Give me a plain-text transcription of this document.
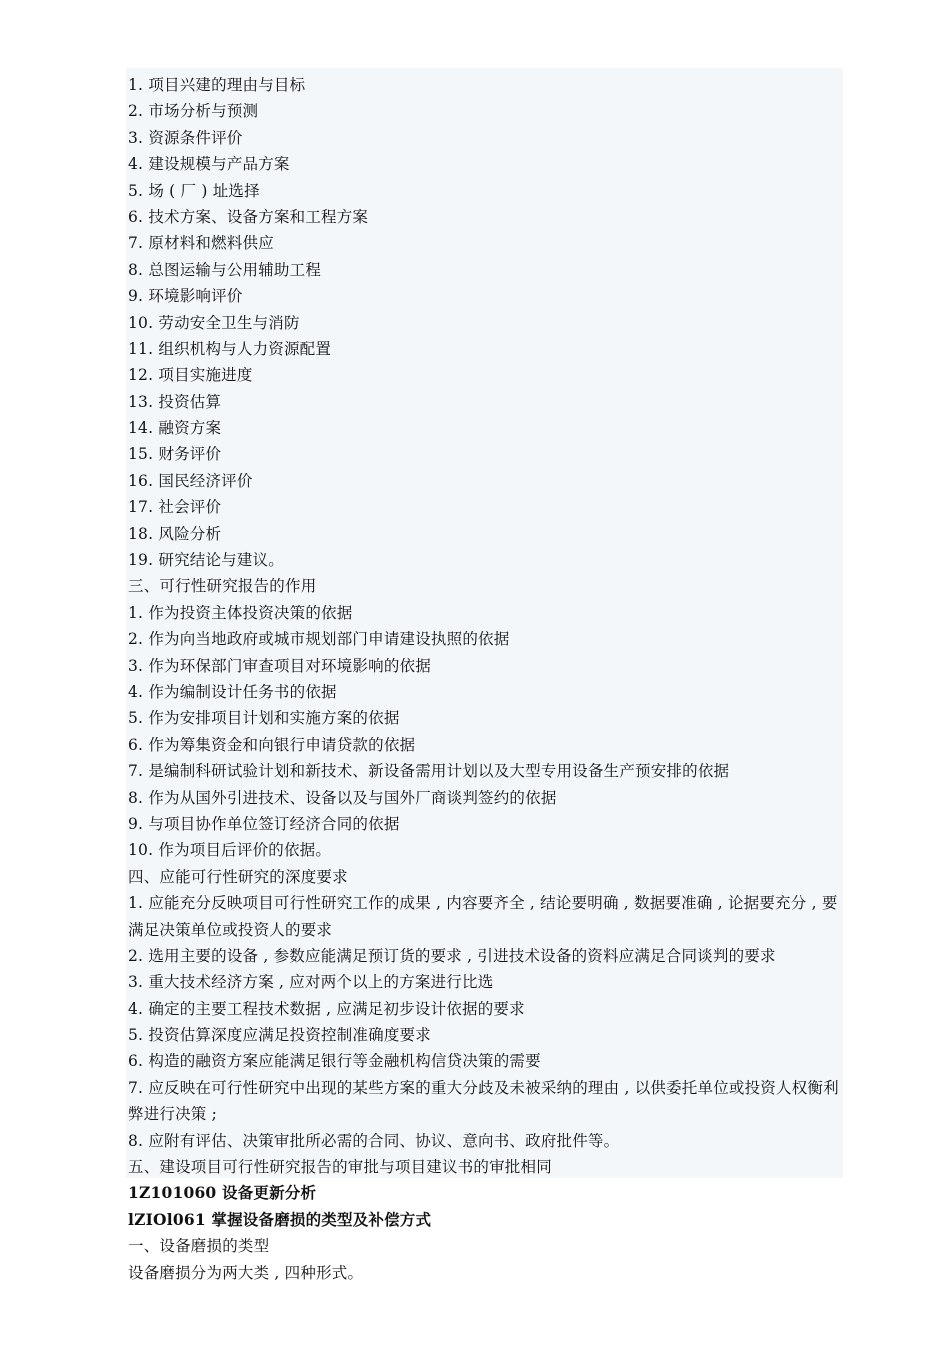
1. 项目兴建的理由与目标
2. 市场分析与预测
3. 资源条件评价
4. 建设规模与产品方案
5. 场 ( 厂 ) 址选择
6. 技术方案、设备方案和工程方案
7. 原材料和燃料供应
8. 总图运输与公用辅助工程
9. 环境影响评价
10. 劳动安全卫生与消防
11. 组织机构与人力资源配置
12. 项目实施进度
13. 投资估算
14. 融资方案
15. 财务评价
16. 国民经济评价
17. 社会评价
18. 风险分析
19. 研究结论与建议。
三、可行性研究报告的作用
1. 作为投资主体投资决策的依据
2. 作为向当地政府或城市规划部门申请建设执照的依据
3. 作为环保部门审查项目对环境影响的依据
4. 作为编制设计任务书的依据
5. 作为安排项目计划和实施方案的依据
6. 作为筹集资金和向银行申请贷款的依据
7. 是编制科研试验计划和新技术、新设备需用计划以及大型专用设备生产预安排的依据
8. 作为从国外引进技术、设备以及与国外厂商谈判签约的依据
9. 与项目协作单位签订经济合同的依据
10. 作为项目后评价的依据。
四、应能可行性研究的深度要求
1. 应能充分反映项目可行性研究工作的成果 , 内容要齐全 , 结论要明确 , 数据要准确 , 论据要充分 , 要满足决策单位或投资人的要求
2. 选用主要的设备 , 参数应能满足预订货的要求 , 引进技术设备的资料应满足合同谈判的要求
3. 重大技术经济方案 , 应对两个以上的方案进行比选
4. 确定的主要工程技术数据 , 应满足初步设计依据的要求
5. 投资估算深度应满足投资控制准确度要求
6. 构造的融资方案应能满足银行等金融机构信贷决策的需要
7. 应反映在可行性研究中出现的某些方案的重大分歧及未被采纳的理由 , 以供委托单位或投资人权衡利弊进行决策 ;
8. 应附有评估、决策审批所必需的合同、协议、意向书、政府批件等。
五、建设项目可行性研究报告的审批与项目建议书的审批相同
1Z101060 设备更新分析
lZIOl061 掌握设备磨损的类型及补偿方式
一、设备磨损的类型
设备磨损分为两大类 , 四种形式。
